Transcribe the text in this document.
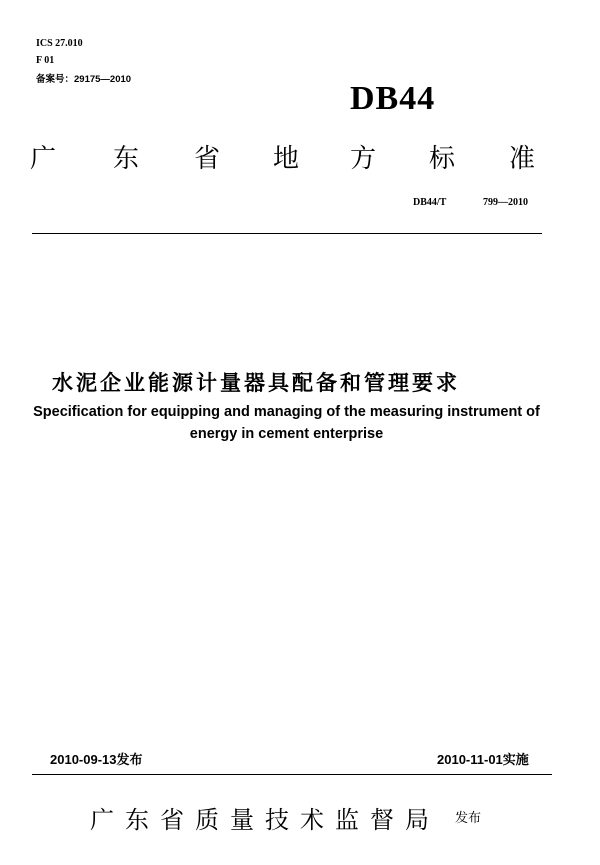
ICS 27.010
F 01
备案号：29175—2010
DB44
广 东 省 地 方 标 准
DB44/T	799—2010
水泥企业能源计量器具配备和管理要求
Specification for equipping and managing of the measuring instrument of
energy in cement enterprise
2010-09-13发布	2010-11-01实施
广东省质量技术监督局 发布
